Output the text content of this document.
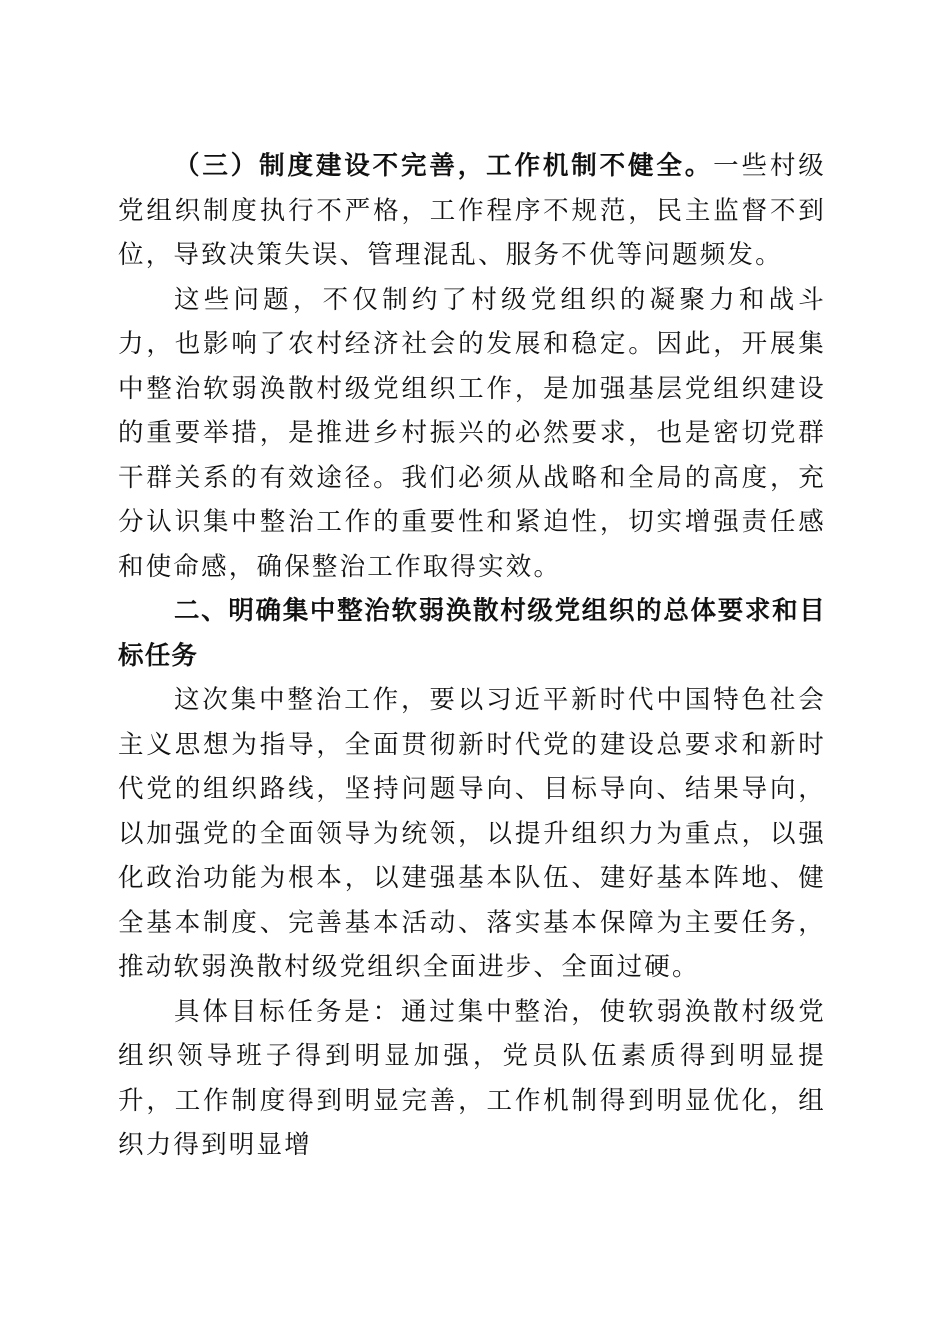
（三）制度建设不完善，工作机制不健全。一些村级党组织制度执行不严格，工作程序不规范，民主监督不到位，导致决策失误、管理混乱、服务不优等问题频发。

这些问题，不仅制约了村级党组织的凝聚力和战斗力，也影响了农村经济社会的发展和稳定。因此，开展集中整治软弱涣散村级党组织工作，是加强基层党组织建设的重要举措，是推进乡村振兴的必然要求，也是密切党群干群关系的有效途径。我们必须从战略和全局的高度，充分认识集中整治工作的重要性和紧迫性，切实增强责任感和使命感，确保整治工作取得实效。

二、明确集中整治软弱涣散村级党组织的总体要求和目标任务

这次集中整治工作，要以习近平新时代中国特色社会主义思想为指导，全面贯彻新时代党的建设总要求和新时代党的组织路线，坚持问题导向、目标导向、结果导向，以加强党的全面领导为统领，以提升组织力为重点，以强化政治功能为根本，以建强基本队伍、建好基本阵地、健全基本制度、完善基本活动、落实基本保障为主要任务，推动软弱涣散村级党组织全面进步、全面过硬。

具体目标任务是：通过集中整治，使软弱涣散村级党组织领导班子得到明显加强，党员队伍素质得到明显提升，工作制度得到明显完善，工作机制得到明显优化，组织力得到明显增
